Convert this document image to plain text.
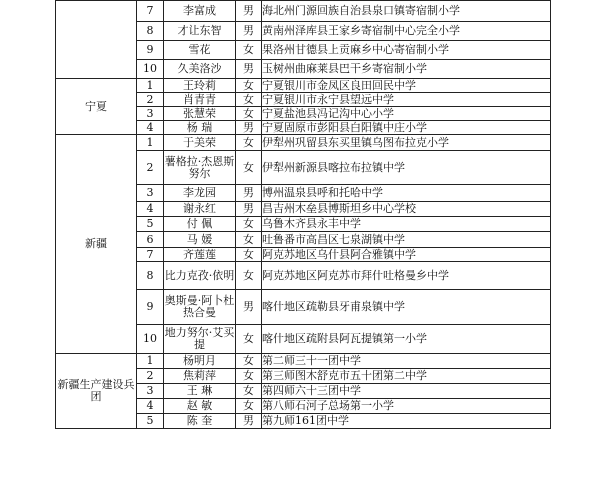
	7	李富成	男	海北州门源回族自治县泉口镇寄宿制小学
	8	才让东智	男	黄南州泽库县王家乡寄宿制中心完全小学
	9	雪花	女	果洛州甘德县上贡麻乡中心寄宿制小学
	10	久美洛沙	男	玉树州曲麻莱县巴干乡寄宿制小学
宁夏	1	王玲莉	女	宁夏银川市金凤区良田回民中学
	2	肖青青	女	宁夏银川市永宁县望远中学
	3	张慧荣	女	宁夏盐池县冯记沟中心小学
	4	杨 瑞	男	宁夏固原市彭阳县白阳镇中庄小学
新疆	1	于美荣	女	伊犁州巩留县东买里镇乌图布拉克小学
	2	薯格拉·杰恩斯努尔	女	伊犁州新源县喀拉布拉镇中学
	3	李龙园	男	博州温泉县呼和托哈中学
	4	谢永红	男	昌吉州木垒县博斯坦乡中心学校
	5	付 佩	女	乌鲁木齐县永丰中学
	6	马 媛	女	吐鲁番市高昌区七泉湖镇中学
	7	齐莲莲	女	阿克苏地区乌什县阿合雅镇中学
	8	比力克孜·依明	女	阿克苏地区阿克苏市拜什吐格曼乡中学
	9	奥斯曼·阿卜杜热合曼	男	喀什地区疏勒县牙甫泉镇中学
	10	地力努尔·艾买提	女	喀什地区疏附县阿瓦提镇第一小学
新疆生产建设兵团	1	杨明月	女	第二师三十一团中学
	2	焦莉萍	女	第三师图木舒克市五十团第二中学
	3	王 琳	女	第四师六十三团中学
	4	赵 敏	女	第八师石河子总场第一小学
	5	陈 奎	男	第九师161团中学
